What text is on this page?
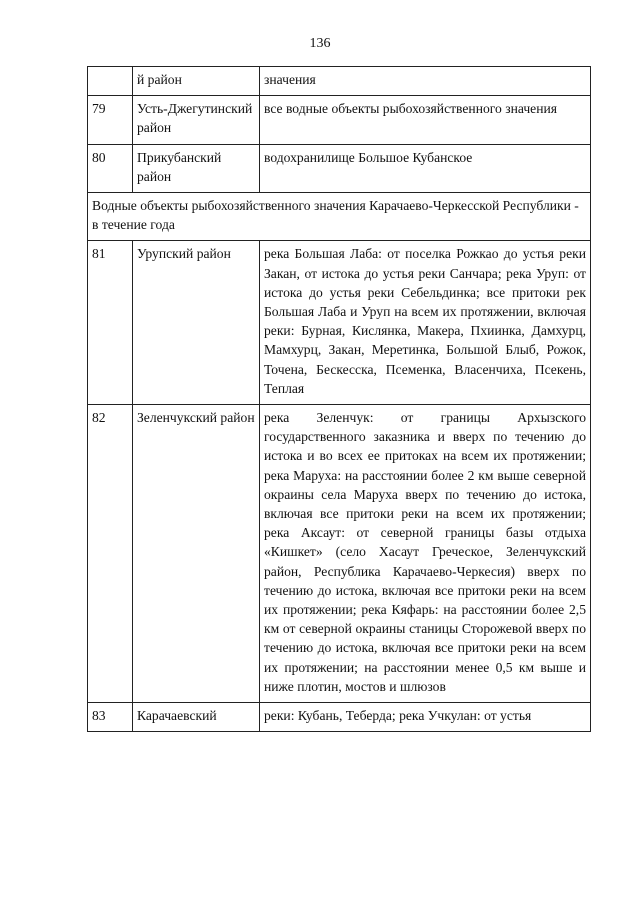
136
	й район	значения
79	Усть-Джегутинский район	все водные объекты рыбохозяйственного значения
80	Прикубанский район	водохранилище Большое Кубанское
Водные объекты рыбохозяйственного значения Карачаево-Черкесской Республики - в течение года		
81	Урупский район	река Большая Лаба: от поселка Рожкао до устья реки Закан, от истока до устья реки Санчара; река Уруп: от истока до устья реки Себельдинка; все притоки рек Большая Лаба и Уруп на всем их протяжении, включая реки: Бурная, Кислянка, Макера, Пхиинка, Дамхурц, Мамхурц, Закан, Меретинка, Большой Блыб, Рожок, Точена, Бескесска, Псеменка, Власенчиха, Псекень, Теплая
82	Зеленчукский район	река Зеленчук: от границы Архызского государственного заказника и вверх по течению до истока и во всех ее притоках на всем их протяжении; река Маруха: на расстоянии более 2 км выше северной окраины села Маруха вверх по течению до истока, включая все притоки реки на всем их протяжении; река Аксаут: от северной границы базы отдыха «Кишкет» (село Хасаут Греческое, Зеленчукский район, Республика Карачаево-Черкесия) вверх по течению до истока, включая все притоки реки на всем их протяжении; река Кяфарь: на расстоянии более 2,5 км от северной окраины станицы Сторожевой вверх по течению до истока, включая все притоки реки на всем их протяжении; на расстоянии менее 0,5 км выше и ниже плотин, мостов и шлюзов
83	Карачаевский	реки: Кубань, Теберда; река Учкулан: от устья
